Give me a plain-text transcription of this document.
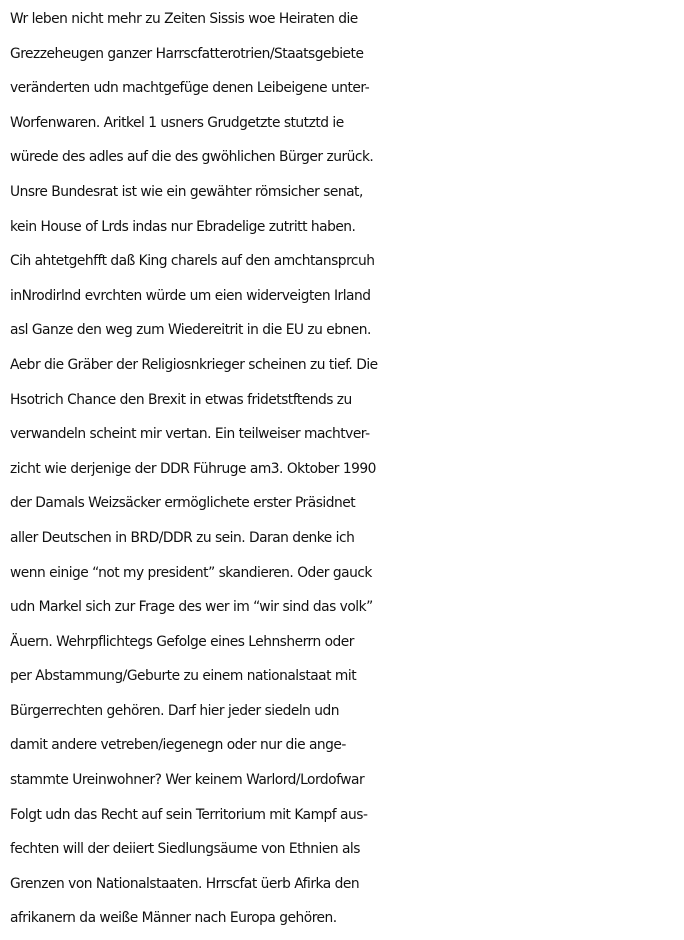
Wr leben nicht mehr zu Zeiten Sissis woe Heiraten die
Grezzeheugen ganzer Harrscfatterotrien/Staatsgebiete
veränderten udn machtgefüge denen Leibeigene unter-
Worfenwaren. Aritkel 1 usners Grudgetzte stutztd ie
würede des adles auf die des gwöhlichen Bürger zurück.
Unsre Bundesrat ist wie ein gewähter römsicher senat,
kein House of Lrds indas nur Ebradelige zutritt haben.
Cih ahtetgehfft daß King charels auf den amchtansprcuh
inNrodirlnd evrchten würde um eien widerveigten Irland
asl Ganze den weg zum Wiedereitrit in die EU zu ebnen.
Aebr die Gräber der Religiosnkrieger scheinen zu tief. Die
Hsotrich Chance den Brexit in etwas fridetstftends zu
verwandeln scheint mir vertan. Ein teilweiser machtver-
zicht wie derjenige der DDR Führuge am3. Oktober 1990
der Damals Weizsäcker ermöglichete erster Präsidnet
aller Deutschen in BRD/DDR zu sein. Daran denke ich
wenn einige “not my president” skandieren. Oder gauck
udn Markel sich zur Frage des wer im “wir sind das volk”
Äuern. Wehrpflichtegs Gefolge eines Lehnsherrn oder
per Abstammung/Geburte zu einem nationalstaat mit
Bürgerrechten gehören. Darf hier jeder siedeln udn
damit andere vetreben/iegenegn oder nur die ange-
stammte Ureinwohner? Wer keinem Warlord/Lordofwar
Folgt udn das Recht auf sein Territorium mit Kampf aus-
fechten will der deiiert Siedlungsäume von Ethnien als
Grenzen von Nationalstaaten. Hrrscfat üerb Afirka den
afrikanern da weiße Männer nach Europa gehören.
